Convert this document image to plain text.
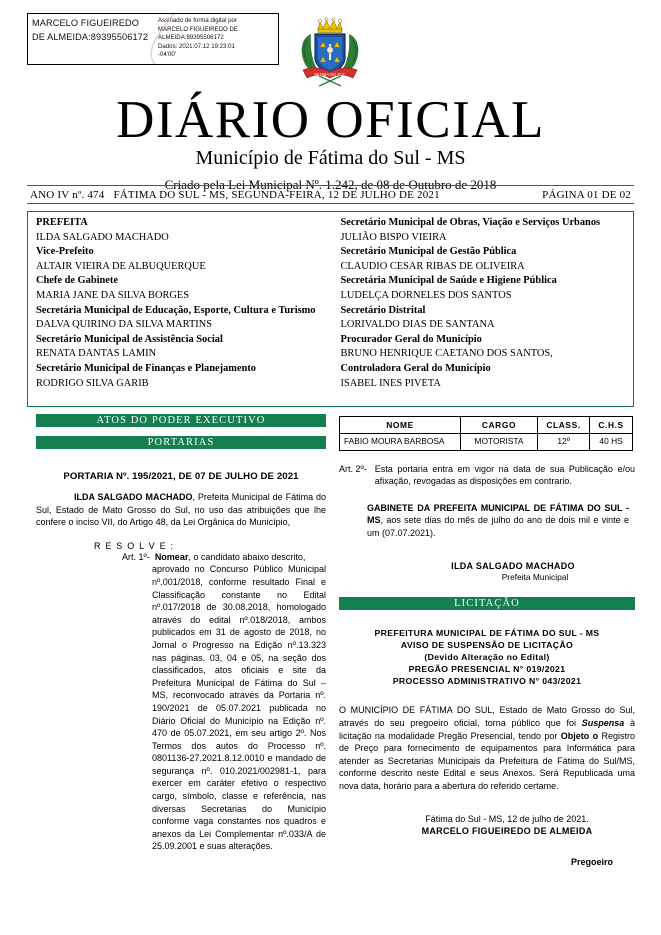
MARCELO FIGUEIREDO DE ALMEIDA:89395506172
Assinado de forma digital por
MARCELO FIGUEIREDO DE
ALMEIDA:89395506172
Dados: 2021.07.12 19:23:01
-04'00'
FATIMA DO SUL
DIÁRIO OFICIAL
Município de Fátima do Sul - MS
Criado pela Lei Municipal Nº. 1.242, de 08 de Outubro de 2018
ANO IV nº. 474 FÁTIMA DO SUL - MS, SEGUNDA-FEIRA, 12 DE JULHO DE 2021	PÁGINA 01 DE 02
PREFEITA
ILDA SALGADO MACHADO
Vice-Prefeito
ALTAIR VIEIRA DE ALBUQUERQUE
Chefe de Gabinete
MARIA JANE DA SILVA BORGES
Secretária Municipal de Educação, Esporte, Cultura e Turismo
DALVA QUIRINO DA SILVA MARTINS
Secretário Municipal de Assistência Social
RENATA DANTAS LAMIN
Secretário Municipal de Finanças e Planejamento
RODRIGO SILVA GARIB
Secretário Municipal de Obras, Viação e Serviços Urbanos
JULIÃO BISPO VIEIRA
Secretário Municipal de Gestão Pública
CLAUDIO CESAR RIBAS DE OLIVEIRA
Secretária Municipal de Saúde e Higiene Pública
LUDELÇA DORNELES DOS SANTOS
Secretário Distrital
LORIVALDO DIAS DE SANTANA
Procurador Geral do Município
BRUNO HENRIQUE CAETANO DOS SANTOS,
Controladora Geral do Município
ISABEL INES PIVETA
ATOS DO PODER EXECUTIVO
PORTARIAS
PORTARIA Nº. 195/2021, DE 07 DE JULHO DE 2021
ILDA SALGADO MACHADO, Prefeita Municipal de Fátima do Sul, Estado de Mato Grosso do Sul, no uso das atribuições que lhe confere o inciso VII, do Artigo 48, da Lei Orgânica do Município,
R E S O L V E :
Art. 1º- Nomear, o candidato abaixo descrito,
aprovado no Concurso Público Municipal nº.001/2018, conforme resultado Final e Classificação constante no Edital nº.017/2018 de 30.08.2018, homologado através do edital nº.018/2018, ambos publicados em 31 de agosto de 2018, no Jornal o Progresso na Edição nº.13.323 nas páginas. 03, 04 e 05, na seção dos classificados, atos oficiais e site da Prefeitura Municipal de Fátima do Sul – MS, reconvocado através da Portaria nº. 190/2021 de 05.07.2021 publicada no Diário Oficial do Município na Edição nº. 470 de 05.07.2021, em seu artigo 2º. Nos Termos dos autos do Processo nº. 0801136-27.2021.8.12.0010 e mandado de segurança nº. 010.2021/002981-1, para exercer em caráter efetivo o respectivo cargo, símbolo, classe e referência, nas diversas Secretarias do Município conforme vaga constantes nos quadros e anexos da Lei Complementar nº.033/A de 25.09.2001 e suas alterações.
NOME	CARGO	CLASS.	C.H.S
FABIO MOURA BARBOSA	MOTORISTA	12º	40 HS
Art. 2º- Esta portaria entra em vigor na data de sua Publicação e/ou afixação, revogadas as disposições em contrario.
GABINETE DA PREFEITA MUNICIPAL DE FÁTIMA DO SUL - MS, aos sete dias do mês de julho do ano de dois mil e vinte e um (07.07.2021).
ILDA SALGADO MACHADO
Prefeita Municipal
LICITAÇÃO
PREFEITURA MUNICIPAL DE FÁTIMA DO SUL - MS
AVISO DE SUSPENSÃO DE LICITAÇÃO
(Devido Alteração no Edital)
PREGÃO PRESENCIAL N° 019/2021
PROCESSO ADMINISTRATIVO N° 043/2021
O MUNICÍPIO DE FÁTIMA DO SUL, Estado de Mato Grosso do Sul, através do seu pregoeiro oficial, torna público que foi Suspensa à licitação na modalidade Pregão Presencial, tendo por Objeto o Registro de Preço para fornecimento de equipamentos para Informática para atender as Secretarias Municipais da Prefeitura de Fátima do Sul/MS, conforme descrito neste Edital e seus Anexos. Será Republicada uma nova data, horário para a abertura do referido certame.
Fátima do Sul - MS, 12 de julho de 2021.
MARCELO FIGUEIREDO DE ALMEIDA
Pregoeiro
